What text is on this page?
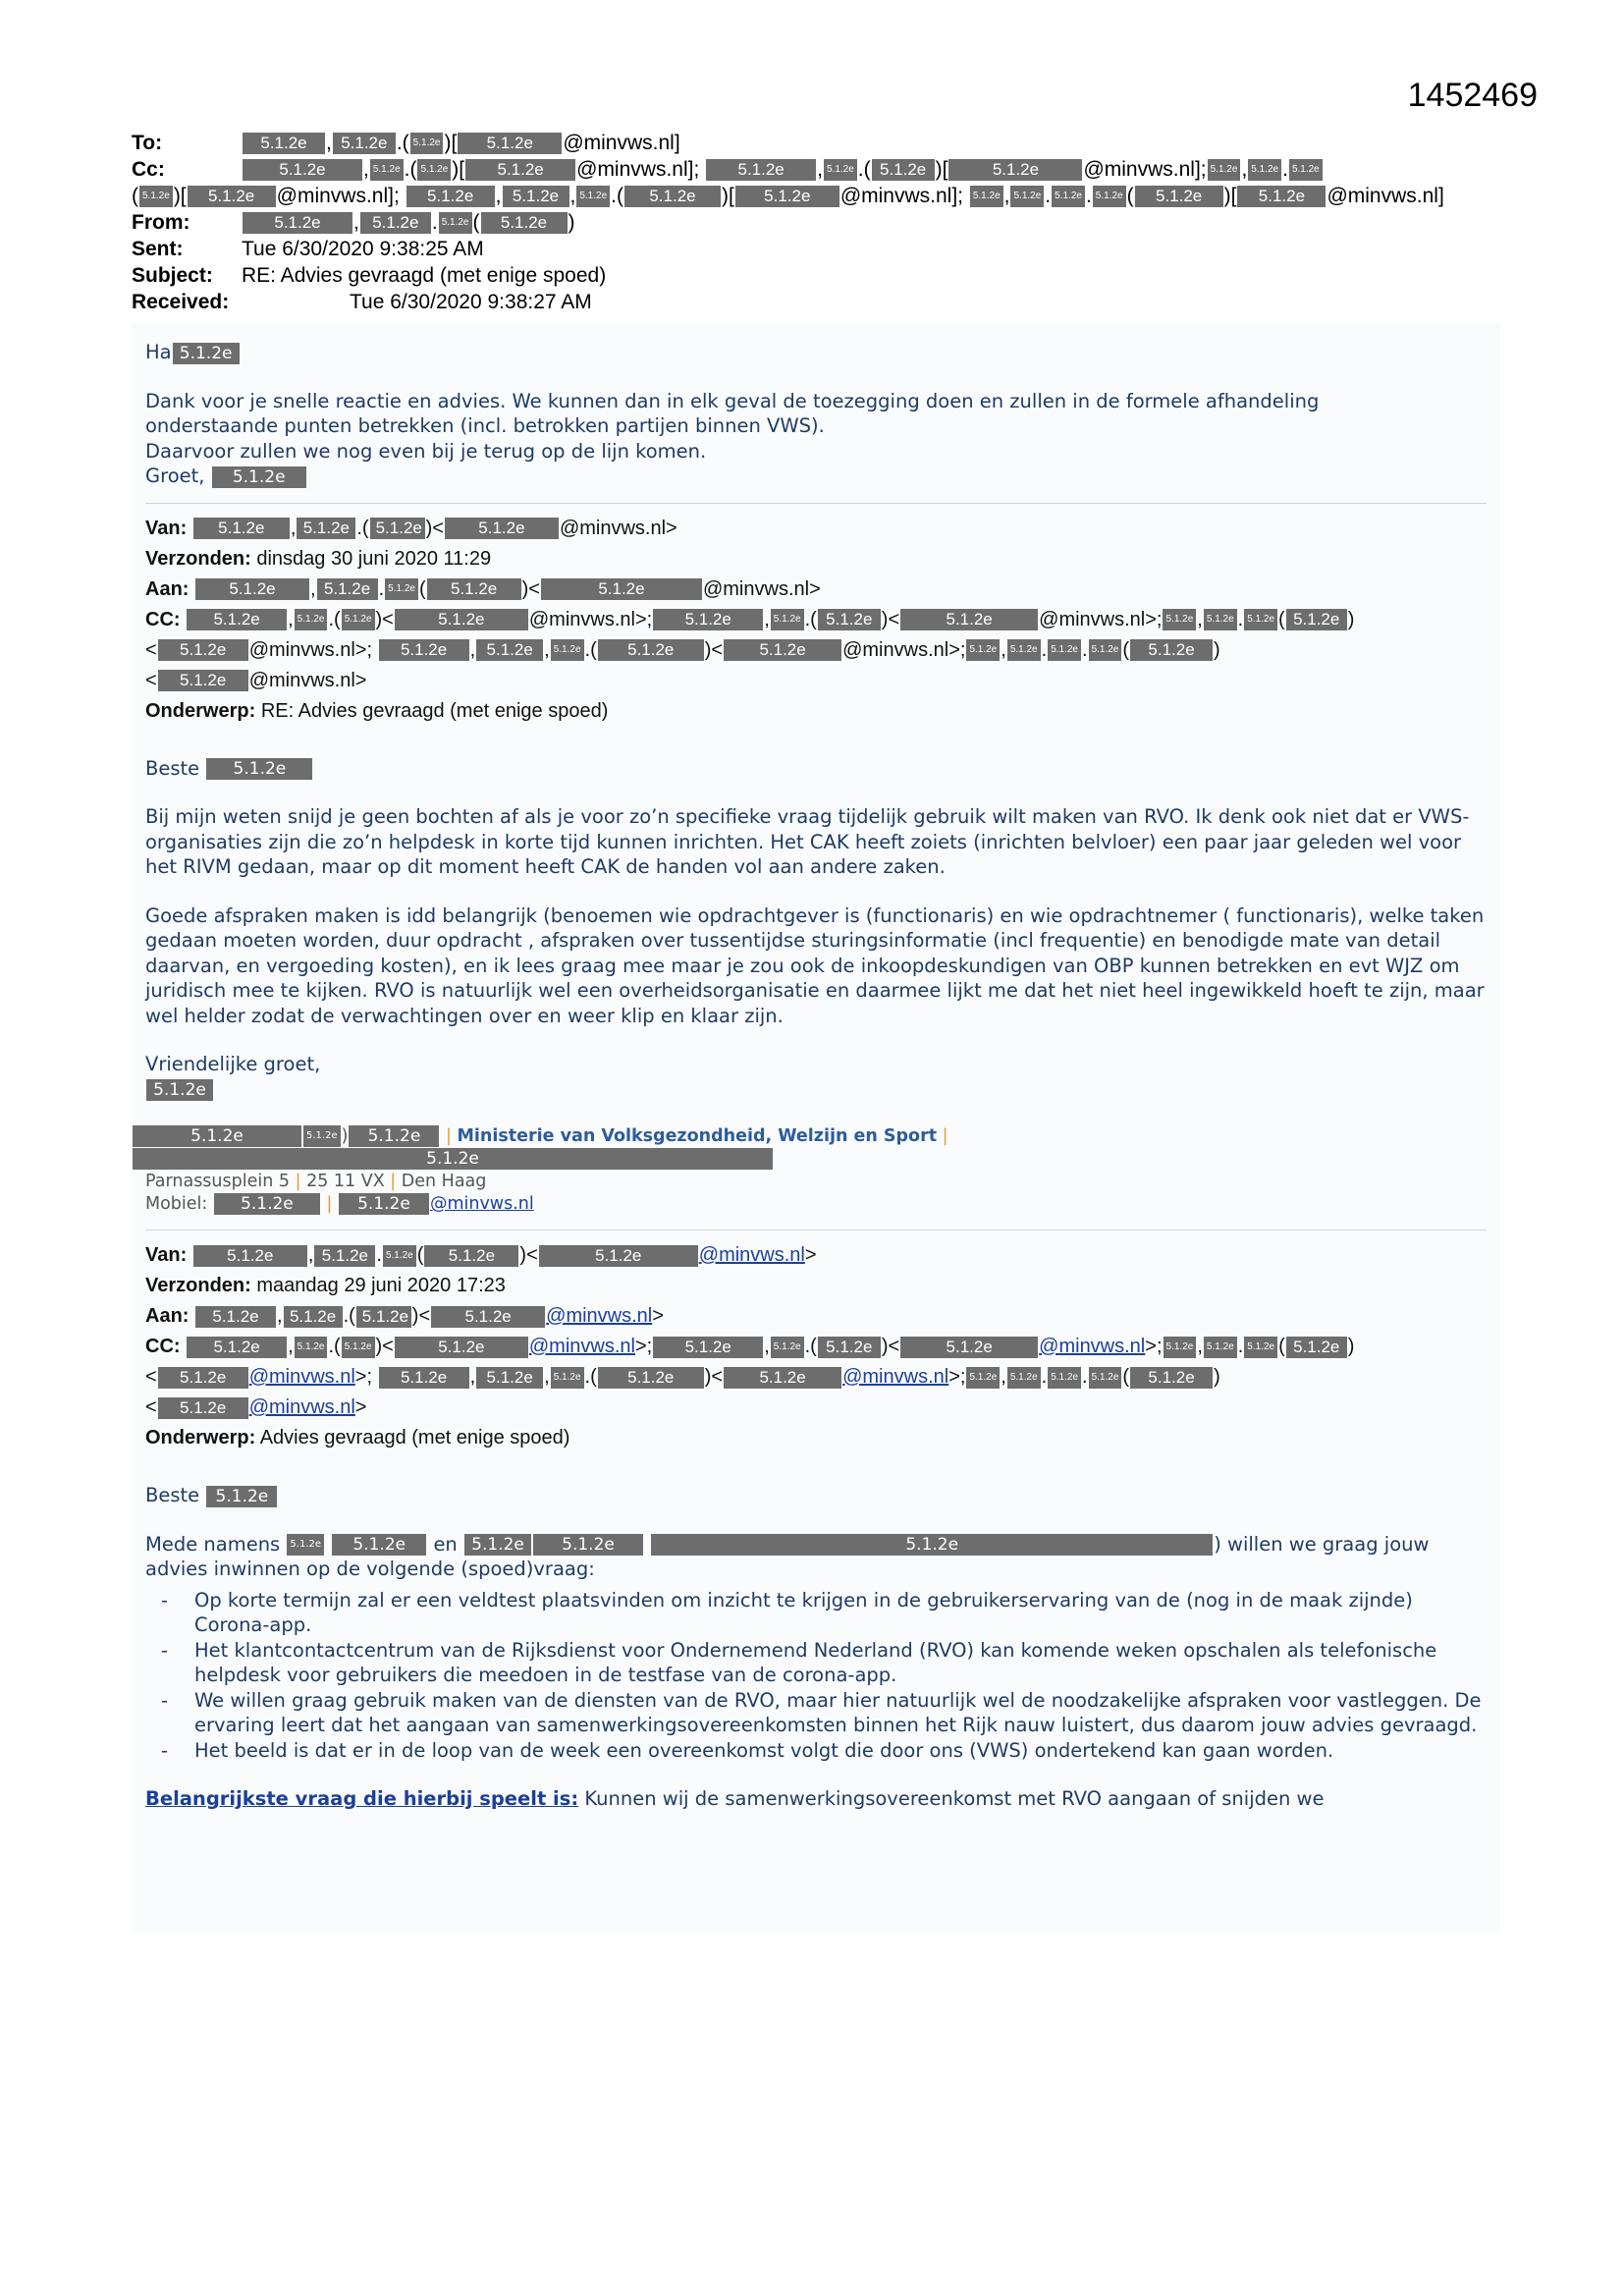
1452469
To:	5.1.2e , 5.1.2e .( 5.1.2e )[ 5.1.2e @minvws.nl]
Cc:	5.1.2e , 5.1.2e .( 5.1.2e )[ 5.1.2e @minvws.nl]; 5.1.2e , 5.1.2e .( 5.1.2e )[	5.1.2e @minvws.nl]; 5.1.2e , 5.1.2e . 5.1.2e
( 5.1.2e )[ 5.1.2e @minvws.nl]; 5.1.2e , 5.1.2e , 5.1.2e .( 5.1.2e )[ 5.1.2e @minvws.nl]; 5.1.2e , 5.1.2e . 5.1.2e . 5.1.2e ( 5.1.2e )[ 5.1.2e @minvws.nl]
From:	5.1.2e , 5.1.2e . 5.1.2e ( 5.1.2e )
Sent:	Tue 6/30/2020 9:38:25 AM
Subject:	RE: Advies gevraagd (met enige spoed)
Received:	Tue 6/30/2020 9:38:27 AM

Ha 5.1.2e

Dank voor je snelle reactie en advies. We kunnen dan in elk geval de toezegging doen en zullen in de formele afhandeling

onderstaande punten betrekken (incl. betrokken partijen binnen VWS).

Daarvoor zullen we nog even bij je terug op de lijn komen.

Groet, 5.1.2e

Van: 5.1.2e , 5.1.2e .( 5.1.2e )< 5.1.2e @minvws.nl>
Verzonden: dinsdag 30 juni 2020 11:29
Aan: 5.1.2e , 5.1.2e . 5.1.2e ( 5.1.2e )<	5.1.2e	@minvws.nl>
CC: 5.1.2e , 5.1.2e .( 5.1.2e )<	5.1.2e @minvws.nl>; 5.1.2e , 5.1.2e .( 5.1.2e )<	5.1.2e @minvws.nl>; 5.1.2e , 5.1.2e . 5.1.2e ( 5.1.2e )
< 5.1.2e @minvws.nl>; 5.1.2e , 5.1.2e , 5.1.2e .( 5.1.2e )< 5.1.2e @minvws.nl>; 5.1.2e , 5.1.2e . 5.1.2e . 5.1.2e ( 5.1.2e )
< 5.1.2e @minvws.nl>
Onderwerp: RE: Advies gevraagd (met enige spoed)

Beste 5.1.2e

Bij mijn weten snijd je geen bochten af als je voor zo’n specifieke vraag tijdelijk gebruik wilt maken van RVO. Ik denk ook niet dat er VWS-organisaties zijn die zo’n helpdesk in korte tijd kunnen inrichten. Het CAK heeft zoiets (inrichten belvloer) een paar jaar geleden wel voor het RIVM gedaan, maar op dit moment heeft CAK de handen vol aan andere zaken.

Goede afspraken maken is idd belangrijk (benoemen wie opdrachtgever is (functionaris) en wie opdrachtnemer ( functionaris), welke taken gedaan moeten worden, duur opdracht , afspraken over tussentijdse sturingsinformatie (incl frequentie) en benodigde mate van detail daarvan, en vergoeding kosten), en ik lees graag mee maar je zou ook de inkoopdeskundigen van OBP kunnen betrekken en evt WJZ om juridisch mee te kijken. RVO is natuurlijk wel een overheidsorganisatie en daarmee lijkt me dat het niet heel ingewikkeld hoeft te zijn, maar wel helder zodat de verwachtingen over en weer klip en klaar zijn.

Vriendelijke groet,

5.1.2e

5.1.2e	5.1.2e ) 5.1.2e | Ministerie van Volksgezondheid, Welzijn en Sport |
5.1.2e
Parnassusplein 5 | 25 11 VX | Den Haag
Mobiel: 5.1.2e | 5.1.2e @minvws.nl
Van: 5.1.2e , 5.1.2e . 5.1.2e ( 5.1.2e )<	5.1.2e	@minvws.nl>
Verzonden: maandag 29 juni 2020 17:23
Aan: 5.1.2e , 5.1.2e .( 5.1.2e )< 5.1.2e @minvws.nl>
CC: 5.1.2e , 5.1.2e .( 5.1.2e )<	5.1.2e @minvws.nl>; 5.1.2e , 5.1.2e .( 5.1.2e )<	5.1.2e @minvws.nl>; 5.1.2e , 5.1.2e . 5.1.2e ( 5.1.2e )
< 5.1.2e @minvws.nl>; 5.1.2e , 5.1.2e , 5.1.2e .( 5.1.2e )< 5.1.2e @minvws.nl>; 5.1.2e , 5.1.2e . 5.1.2e . 5.1.2e ( 5.1.2e )
< 5.1.2e @minvws.nl>
Onderwerp: Advies gevraagd (met enige spoed)

Beste 5.1.2e

Mede namens 5.1.2e 5.1.2e en 5.1.2e 5.1.2e	5.1.2e	) willen we graag jouw

advies inwinnen op de volgende (spoed)vraag:

- Op korte termijn zal er een veldtest plaatsvinden om inzicht te krijgen in de gebruikerservaring van de (nog in de maak zijnde) Corona-app.
- Het klantcontactcentrum van de Rijksdienst voor Ondernemend Nederland (RVO) kan komende weken opschalen als telefonische helpdesk voor gebruikers die meedoen in de testfase van de corona-app.
- We willen graag gebruik maken van de diensten van de RVO, maar hier natuurlijk wel de noodzakelijke afspraken voor vastleggen. De ervaring leert dat het aangaan van samenwerkingsovereenkomsten binnen het Rijk nauw luistert, dus daarom jouw advies gevraagd.
- Het beeld is dat er in de loop van de week een overeenkomst volgt die door ons (VWS) ondertekend kan gaan worden.

Belangrijkste vraag die hierbij speelt is: Kunnen wij de samenwerkingsovereenkomst met RVO aangaan of snijden we
